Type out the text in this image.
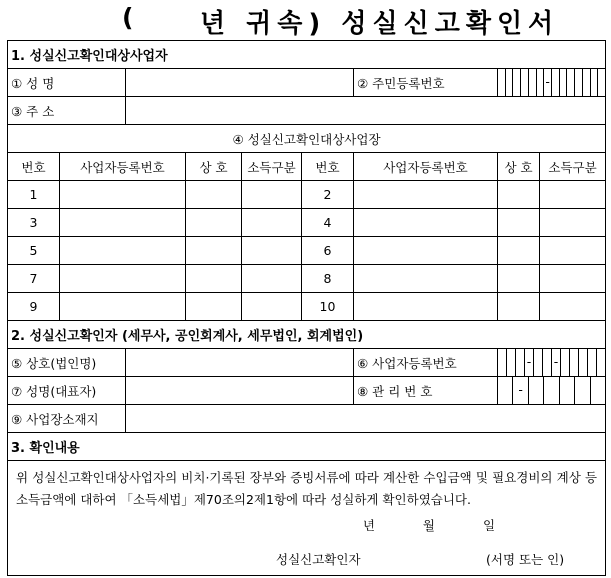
(	년 귀속) 성실신고확인서
1. 성실신고확인대상사업자								
① 성 명						② 주민등록번호	-	

③ 주 소								
④ 성실신고확인대상사업장								
번호	사업자등록번호		상 호	소득구분	번호	사업자등록번호	상 호	소득구분
1					2			
3					4			
5					6			
7					8			
9					10			
2. 성실신고확인자 (세무사, 공인회계사, 세무법인, 회계법인)								
⑤ 상호(법인명)						⑥ 사업자등록번호	- -	

⑦ 성명(대표자)						⑧ 관 리 번 호	-	

⑨ 사업장소재지								
3. 확인내용								

위 성실신고확인대상사업자의 비치·기록된 장부와 증빙서류에 따라 계산한 수입금액 및 필요경비의 계상 등 소득금액에 대하여 「소득세법」제70조의2제1항에 따라 성실하게 확인하였습니다.
년 월 일
성실신고확인자 (서명 또는 인)								
